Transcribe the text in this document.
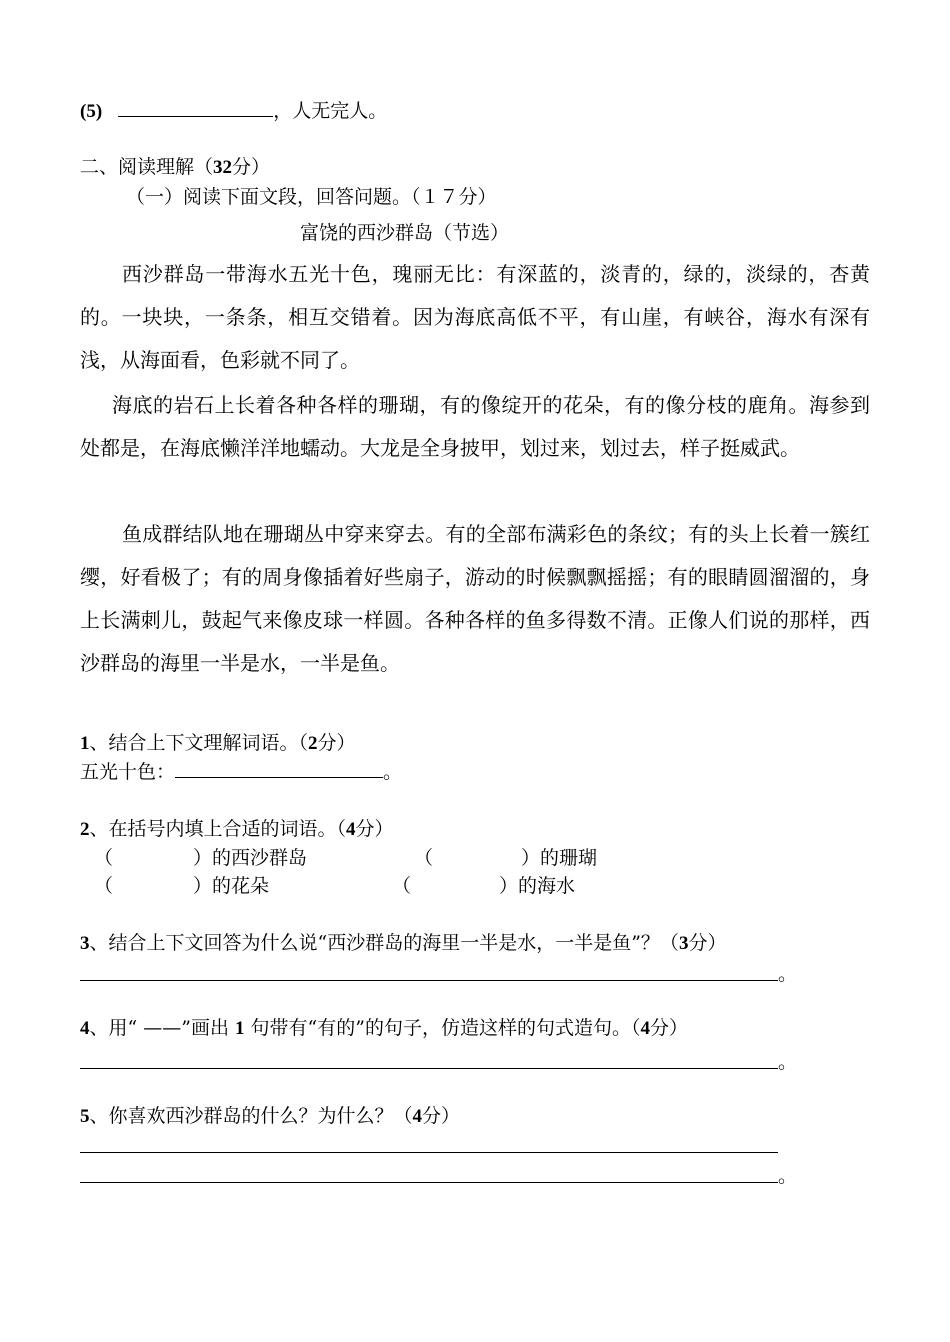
(5)	，人无完人。
二、阅读理解（32分）
（一）阅读下面文段，回答问题。（１７分）
富饶的西沙群岛（节选）
西沙群岛一带海水五光十色，瑰丽无比：有深蓝的，淡青的，绿的，淡绿的，杏黄的。一块块，一条条，相互交错着。因为海底高低不平，有山崖，有峡谷，海水有深有浅，从海面看，色彩就不同了。
海底的岩石上长着各种各样的珊瑚，有的像绽开的花朵，有的像分枝的鹿角。海参到处都是，在海底懒洋洋地蠕动。大龙是全身披甲，划过来，划过去，样子挺威武。
鱼成群结队地在珊瑚丛中穿来穿去。有的全部布满彩色的条纹；有的头上长着一簇红缨，好看极了；有的周身像插着好些扇子，游动的时候飘飘摇摇；有的眼睛圆溜溜的，身上长满刺儿，鼓起气来像皮球一样圆。各种各样的鱼多得数不清。正像人们说的那样，西沙群岛的海里一半是水，一半是鱼。
1、结合上下文理解词语。（2分）
五光十色：	。
2、在括号内填上合适的词语。（4分）
（	）的西沙群岛	（	）的珊瑚
（	）的花朵	（	）的海水
3、结合上下文回答为什么说“西沙群岛的海里一半是水，一半是鱼”？（3分）
。
4、用“ ——”画出 1 句带有“有的”的句子，仿造这样的句式造句。（4分）
。
5、你喜欢西沙群岛的什么？为什么？（4分）
。
